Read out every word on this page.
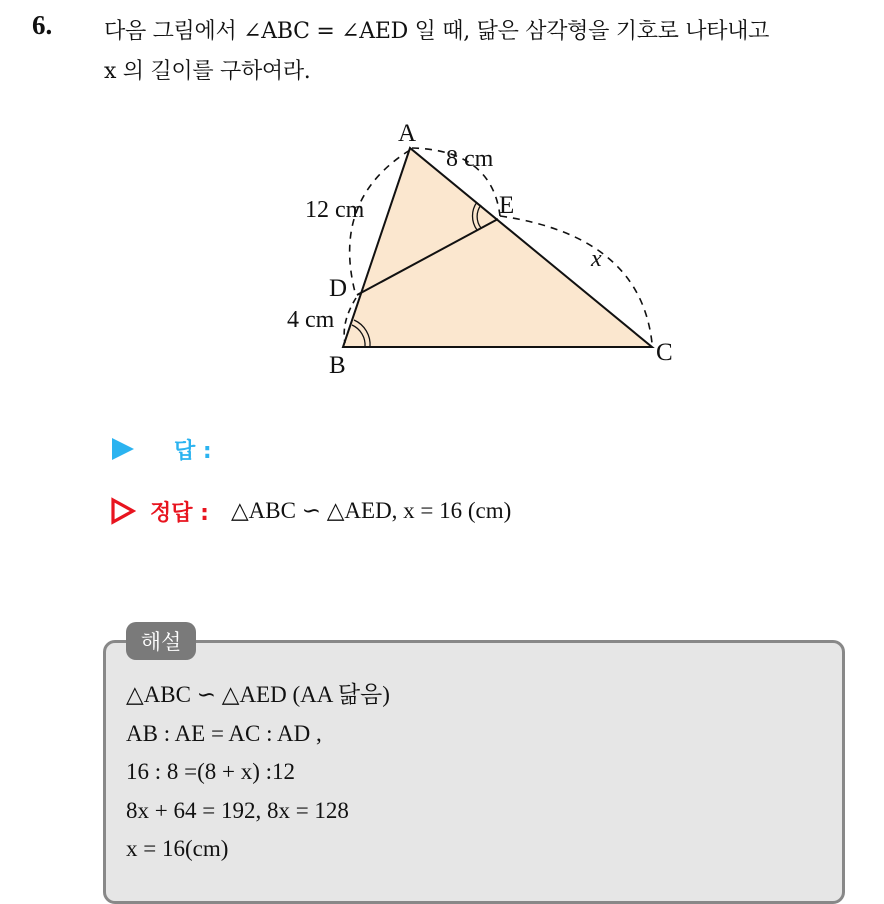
6. 다음 그림에서 ∠ABC = ∠AED 일 때, 닮은 삼각형을 기호로 나타내고
x 의 길이를 구하여라.
A
B	C
D
E
8 cm
12 cm
4 cm
x
답 :
정답 : △ABC ∽ △AED, x = 16 (cm)
해설
△ABC ∽ △AED (AA 닮음)
AB : AE = AC : AD ,
16 : 8 =(8 + x) :12
8x + 64 = 192, 8x = 128
x = 16(cm)
